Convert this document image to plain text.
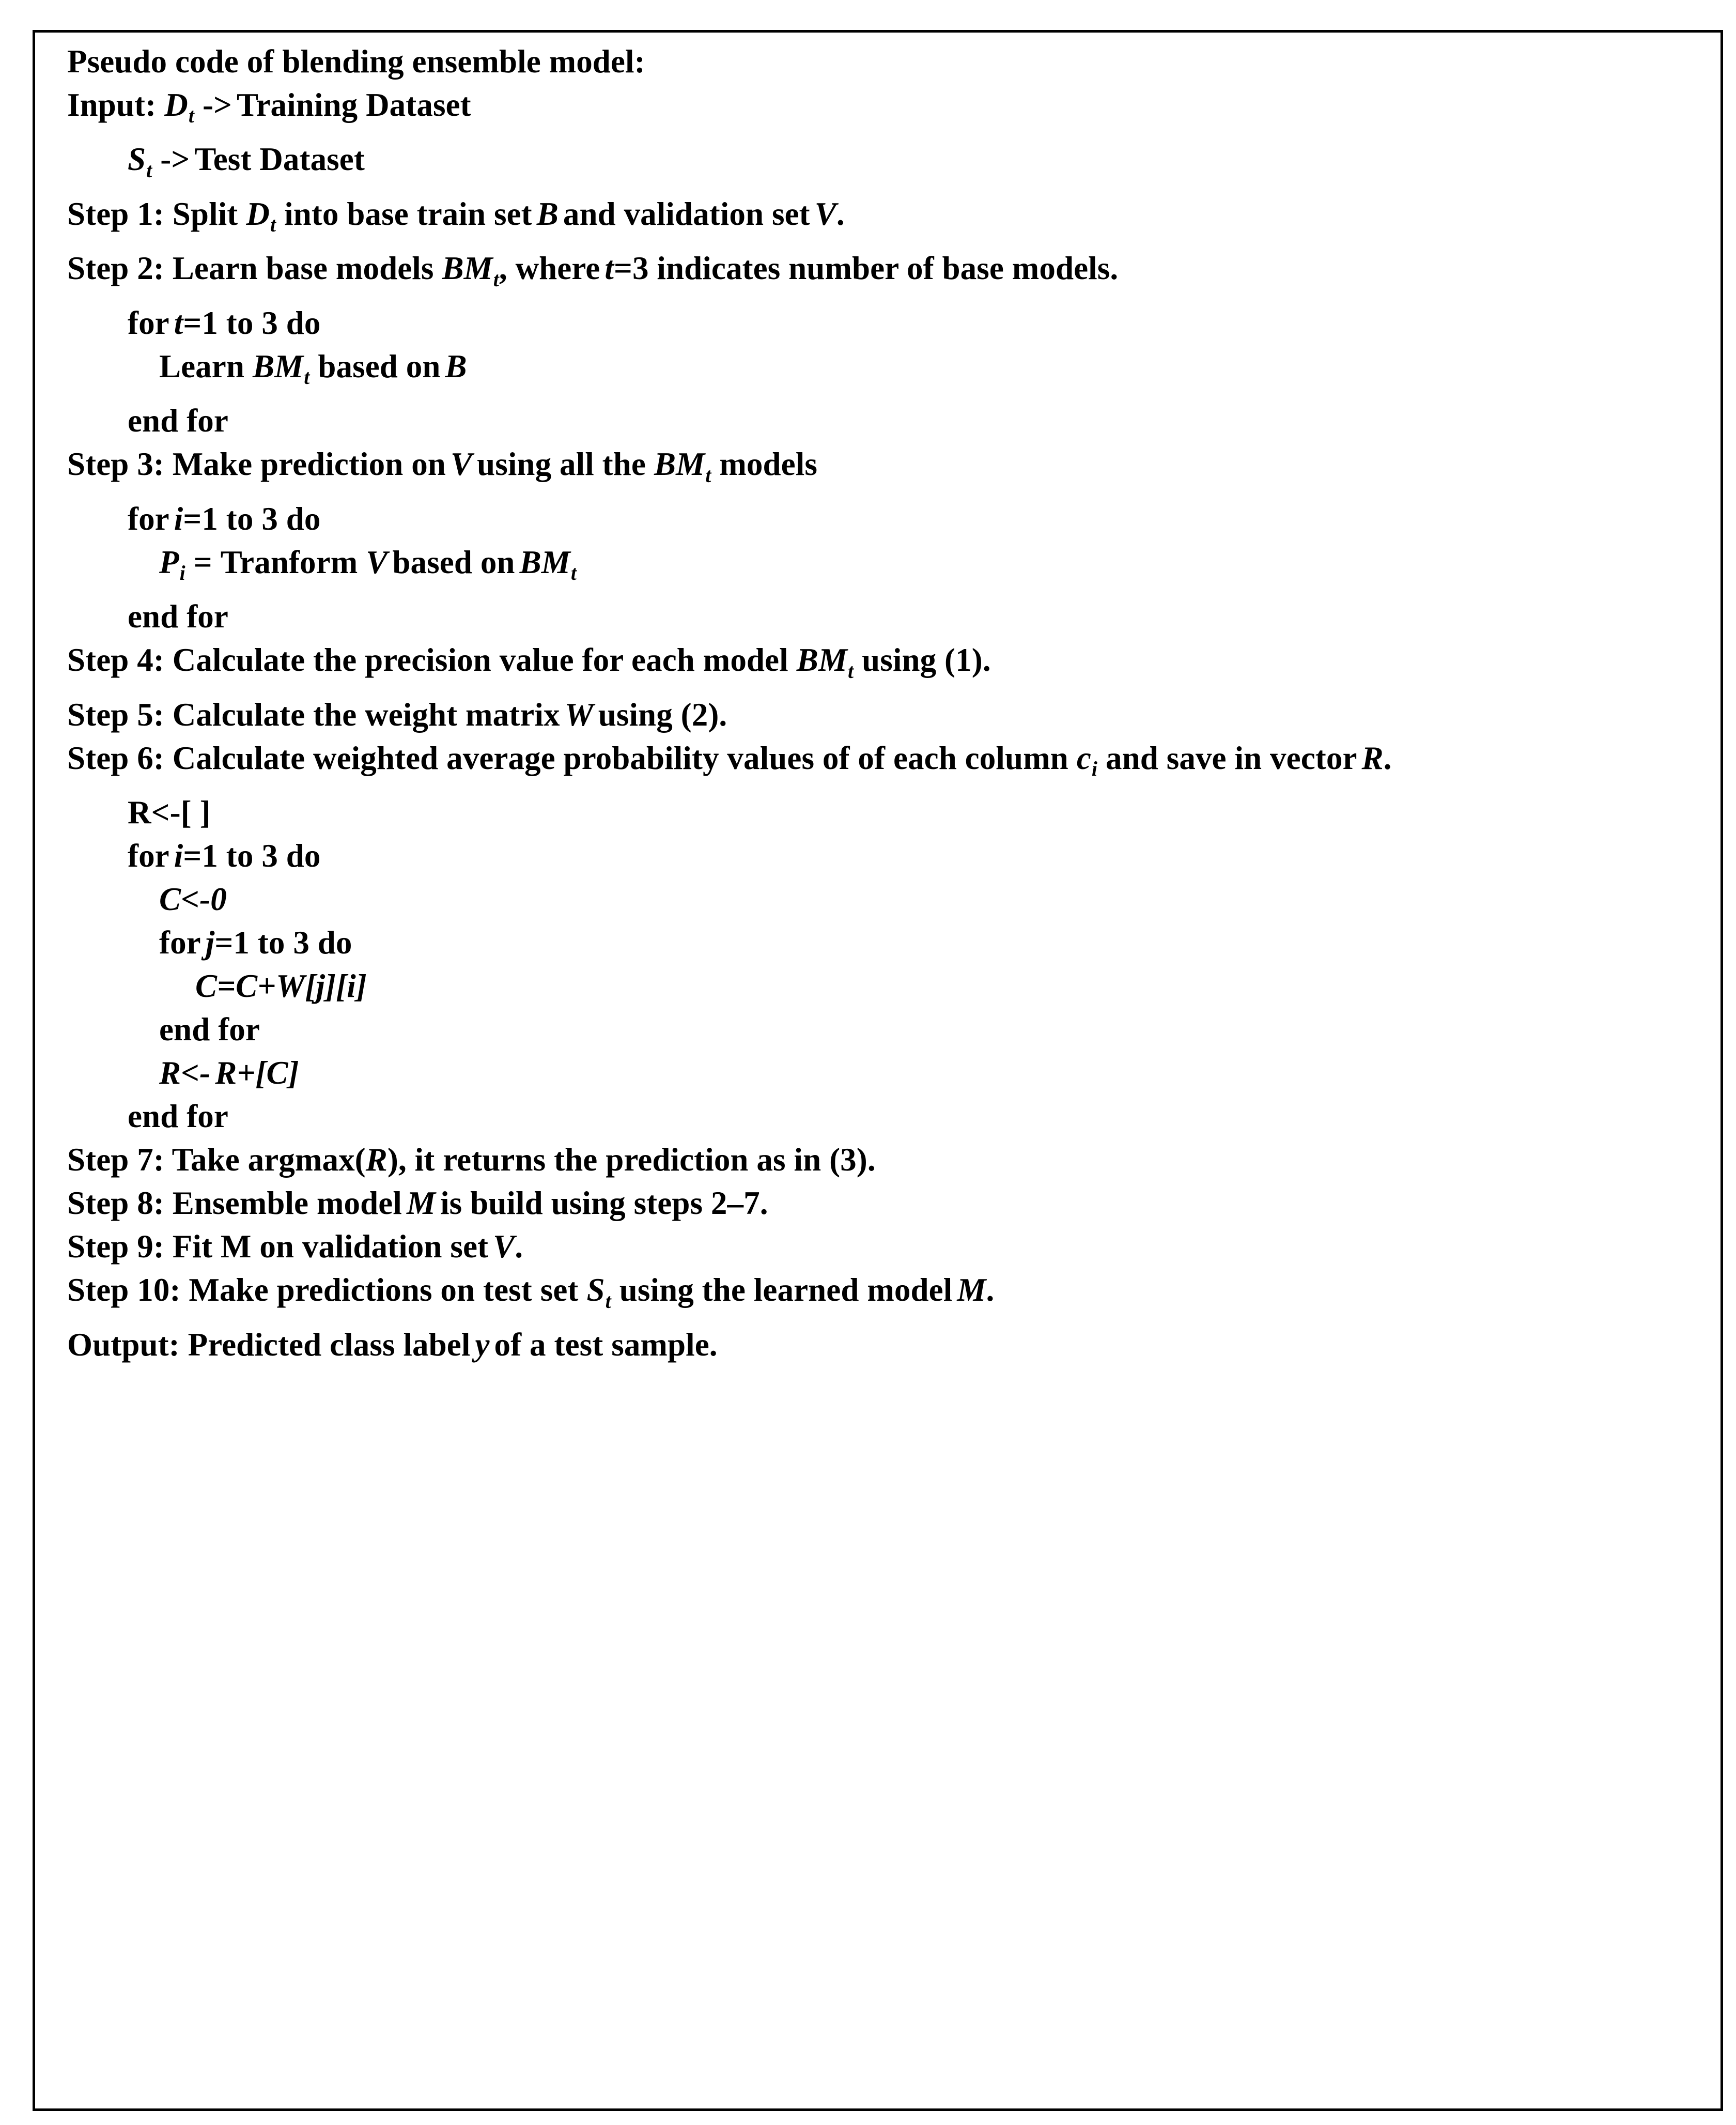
Pseudo code of blending ensemble model:
Input: $D_t$ -> Training Dataset
$S_t$ -> Test Dataset
Step 1: Split $D_t$ into base train set B and validation set V.
Step 2: Learn base models $BM_t$, where t=3 indicates number of base models.
for t=1 to 3 do
Learn $BM_t$ based on B
end for
Step 3: Make prediction on V using all the $BM_t$ models
for i=1 to 3 do
$P_i$ = Tranform V based on $BM_t$
end for
Step 4: Calculate the precision value for each model $BM_t$ using (1).
Step 5: Calculate the weight matrix W using (2).
Step 6: Calculate weighted average probability values of of each column $c_i$ and save in vector R.
R<-[ ]
for i=1 to 3 do
C<-0
for j=1 to 3 do
C=C+W[j][i]
end for
R<- R+[C]
end for
Step 7: Take argmax(R), it returns the prediction as in (3).
Step 8: Ensemble model M is build using steps 2–7.
Step 9: Fit M on validation set V.
Step 10: Make predictions on test set $S_t$ using the learned model M.
Output: Predicted class label y of a test sample.
